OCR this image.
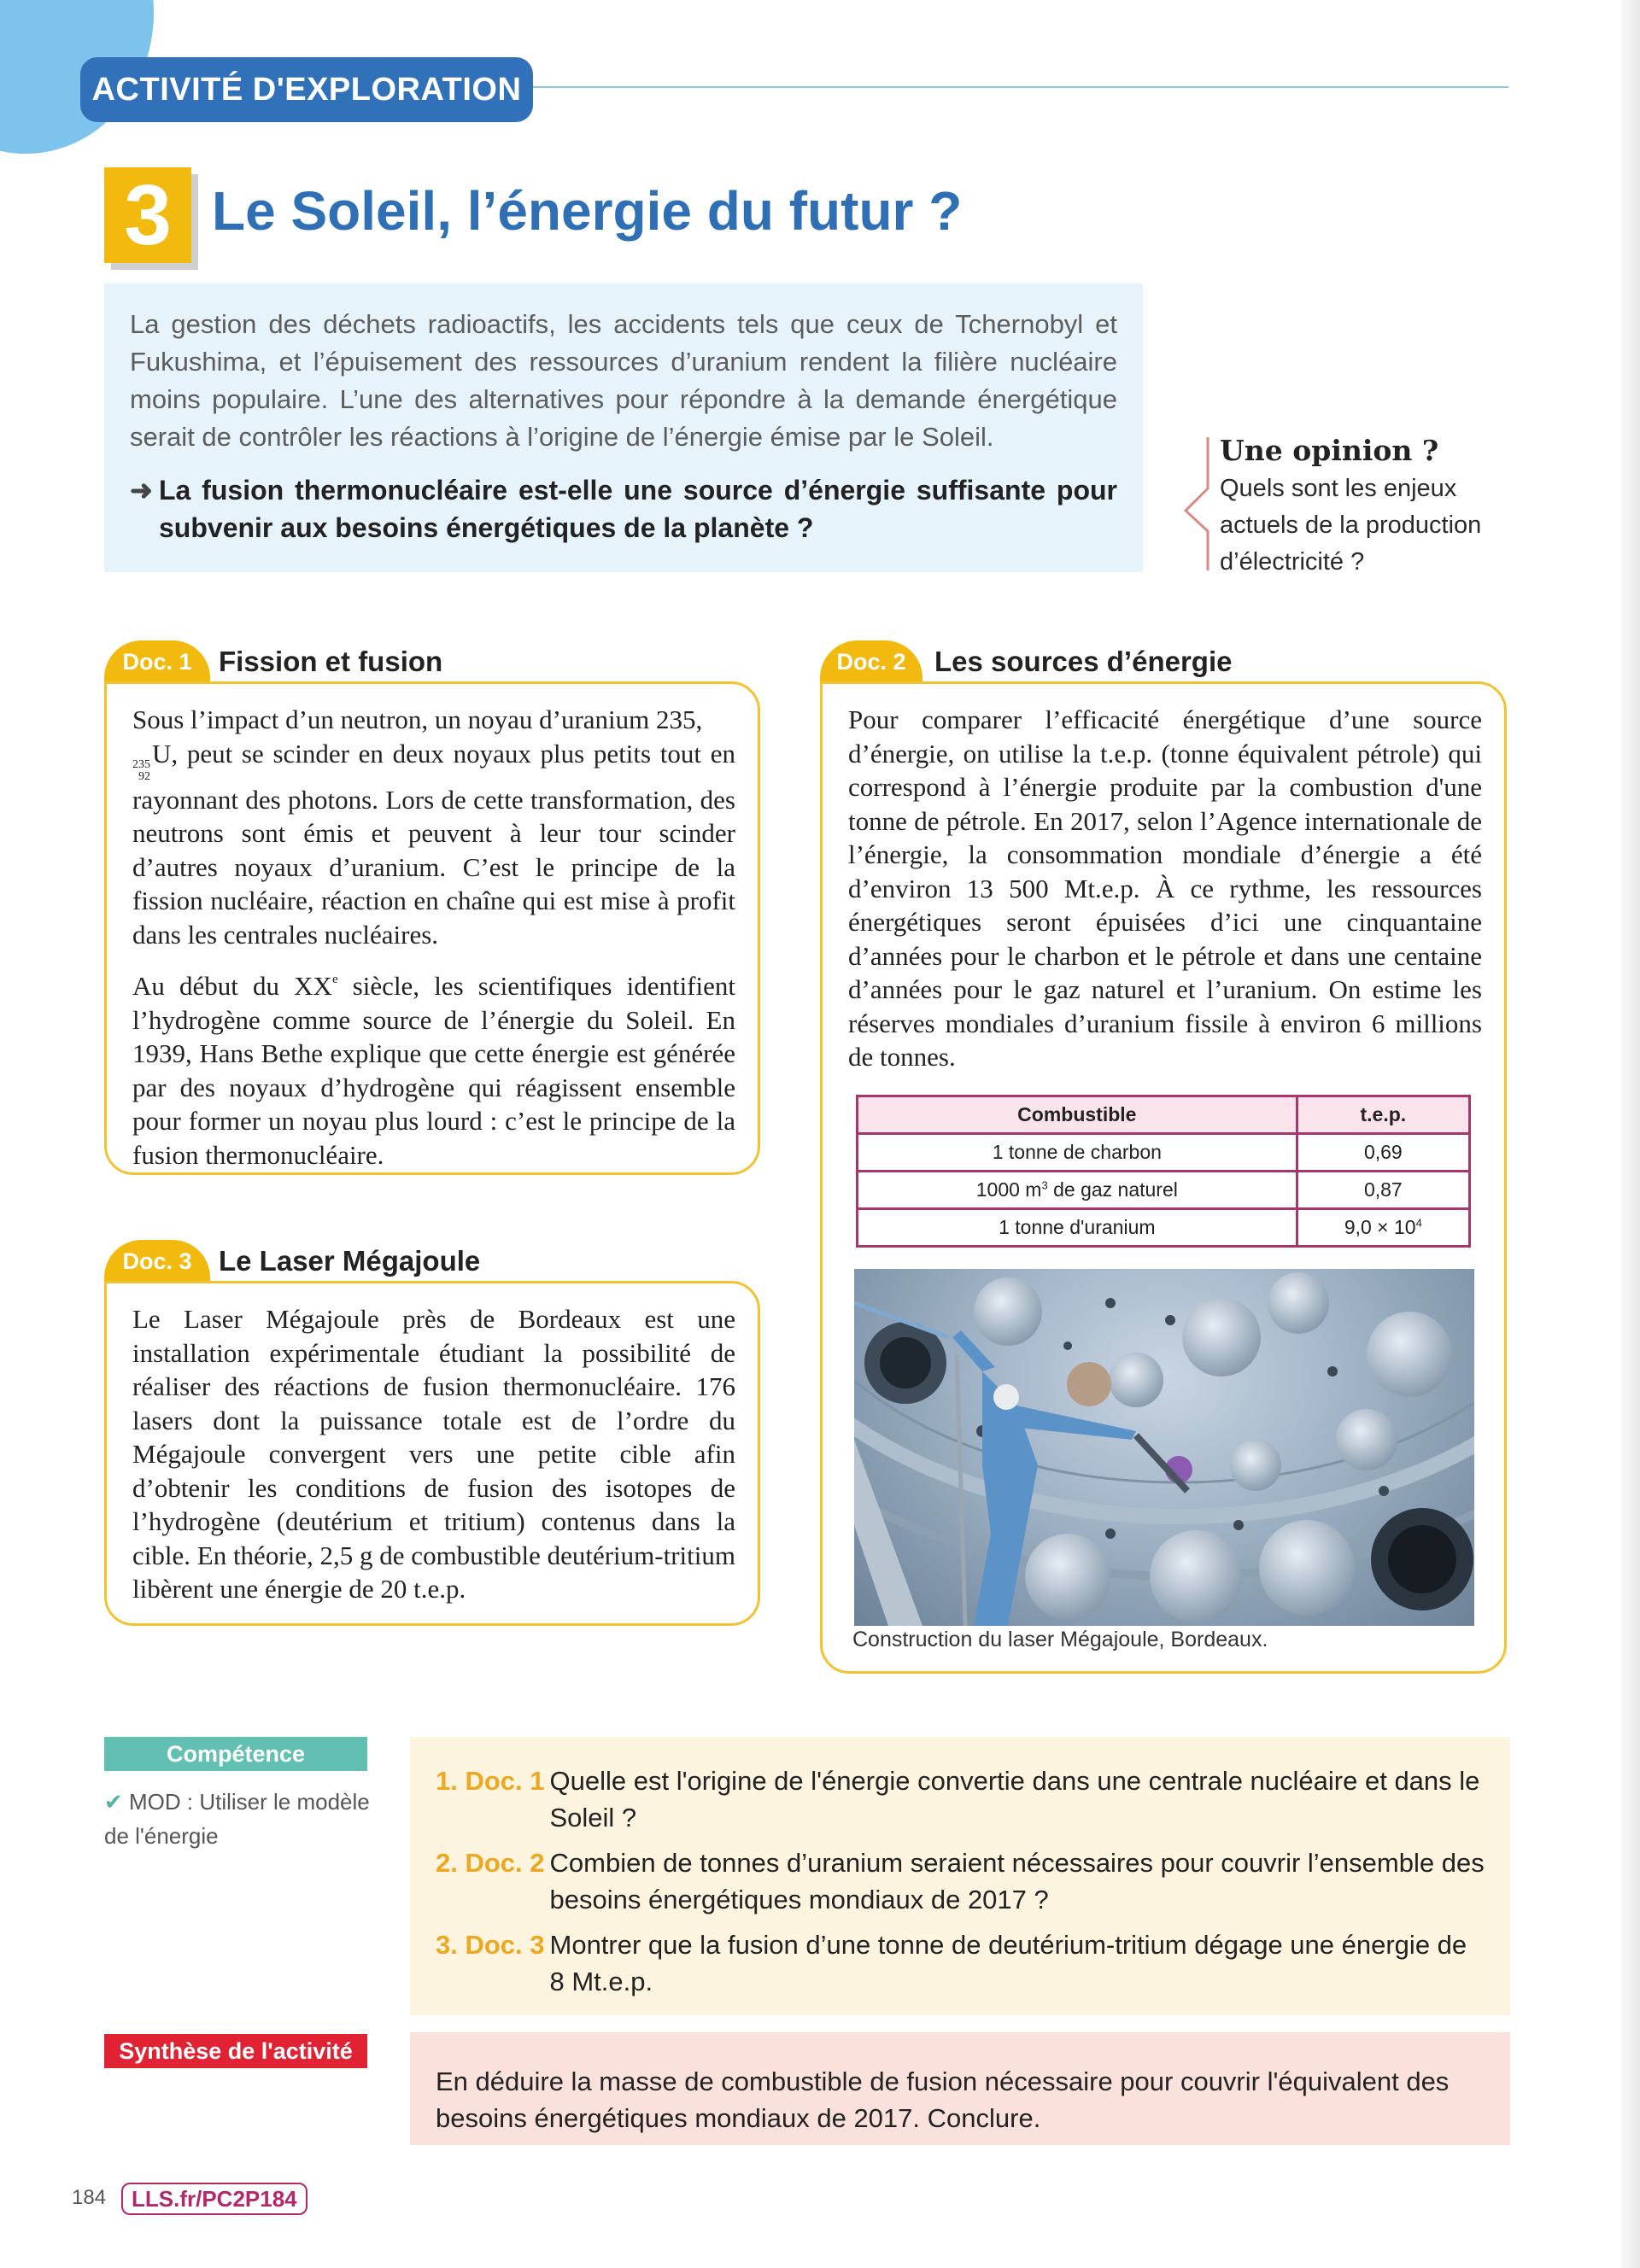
ACTIVITÉ D'EXPLORATION
3 Le Soleil, l’énergie du futur ?

La gestion des déchets radioactifs, les accidents tels que ceux de Tchernobyl et Fukushima, et l’épuisement des ressources d’uranium rendent la filière nucléaire moins populaire. L’une des alternatives pour répondre à la demande énergétique serait de contrôler les réactions à l’origine de l’énergie émise par le Soleil.

➜ La fusion thermonucléaire est-elle une source d’énergie suffisante pour subvenir aux besoins énergétiques de la planète ?
Une opinion ?
Quels sont les enjeux actuels de la production d’électricité ?
Doc. 1 Fission et fusion

Sous l’impact d’un neutron, un noyau d’uranium 235,

235
92
U, peut se scinder en deux noyaux plus petits tout en rayonnant des photons. Lors de cette transformation, des neutrons sont émis et peuvent à leur tour scinder d’autres noyaux d’uranium. C’est le principe de la fission nucléaire, réaction en chaîne qui est mise à profit dans les centrales nucléaires.

Au début du XXe siècle, les scientifiques identifient l’hydrogène comme source de l’énergie du Soleil. En 1939, Hans Bethe explique que cette énergie est générée par des noyaux d’hydrogène qui réagissent ensemble pour former un noyau plus lourd : c’est le principe de la fusion thermonucléaire.

Doc. 2	Les sources d’énergie
Pour comparer l’efficacité énergétique d’une source d’énergie, on utilise la t.e.p. (tonne équivalent pétrole) qui correspond à l’énergie produite par la combustion d'une tonne de pétrole. En 2017, selon l’Agence internationale de l’énergie, la consommation mondiale d’énergie a été d’environ 13 500 Mt.e.p. À ce rythme, les ressources énergétiques seront épuisées d’ici une cinquantaine d’années pour le charbon et le pétrole et dans une centaine d’années pour le gaz naturel et l’uranium. On estime les réserves mondiales d’uranium fissile à environ 6 millions de tonnes.
Combustible	t.e.p.
1 tonne de charbon	0,69
1000 $m^3$ de gaz naturel	0,87
1 tonne d'uranium	$9,0 \times 10^4$
Construction du laser Mégajoule, Bordeaux.
Doc. 3 Le Laser Mégajoule
Le Laser Mégajoule près de Bordeaux est une installation expérimentale étudiant la possibilité de réaliser des réactions de fusion thermonucléaire. 176 lasers dont la puissance totale est de l’ordre du Mégajoule convergent vers une petite cible afin d’obtenir les conditions de fusion des isotopes de l’hydrogène (deutérium et tritium) contenus dans la cible. En théorie, 2,5 g de combustible deutérium-tritium libèrent une énergie de 20 t.e.p.
Compétence
✔ MOD : Utiliser le modèle de l'énergie
1. Doc. 1 Quelle est l'origine de l'énergie convertie dans une centrale nucléaire et dans le Soleil ?
2. Doc. 2 Combien de tonnes d’uranium seraient nécessaires pour couvrir l’ensemble des besoins énergétiques mondiaux de 2017 ?
3. Doc. 3 Montrer que la fusion d’une tonne de deutérium-tritium dégage une énergie de 8 Mt.e.p.
Synthèse de l'activité
En déduire la masse de combustible de fusion nécessaire pour couvrir l'équivalent des besoins énergétiques mondiaux de 2017. Conclure.
184	LLS.fr/PC2P184
